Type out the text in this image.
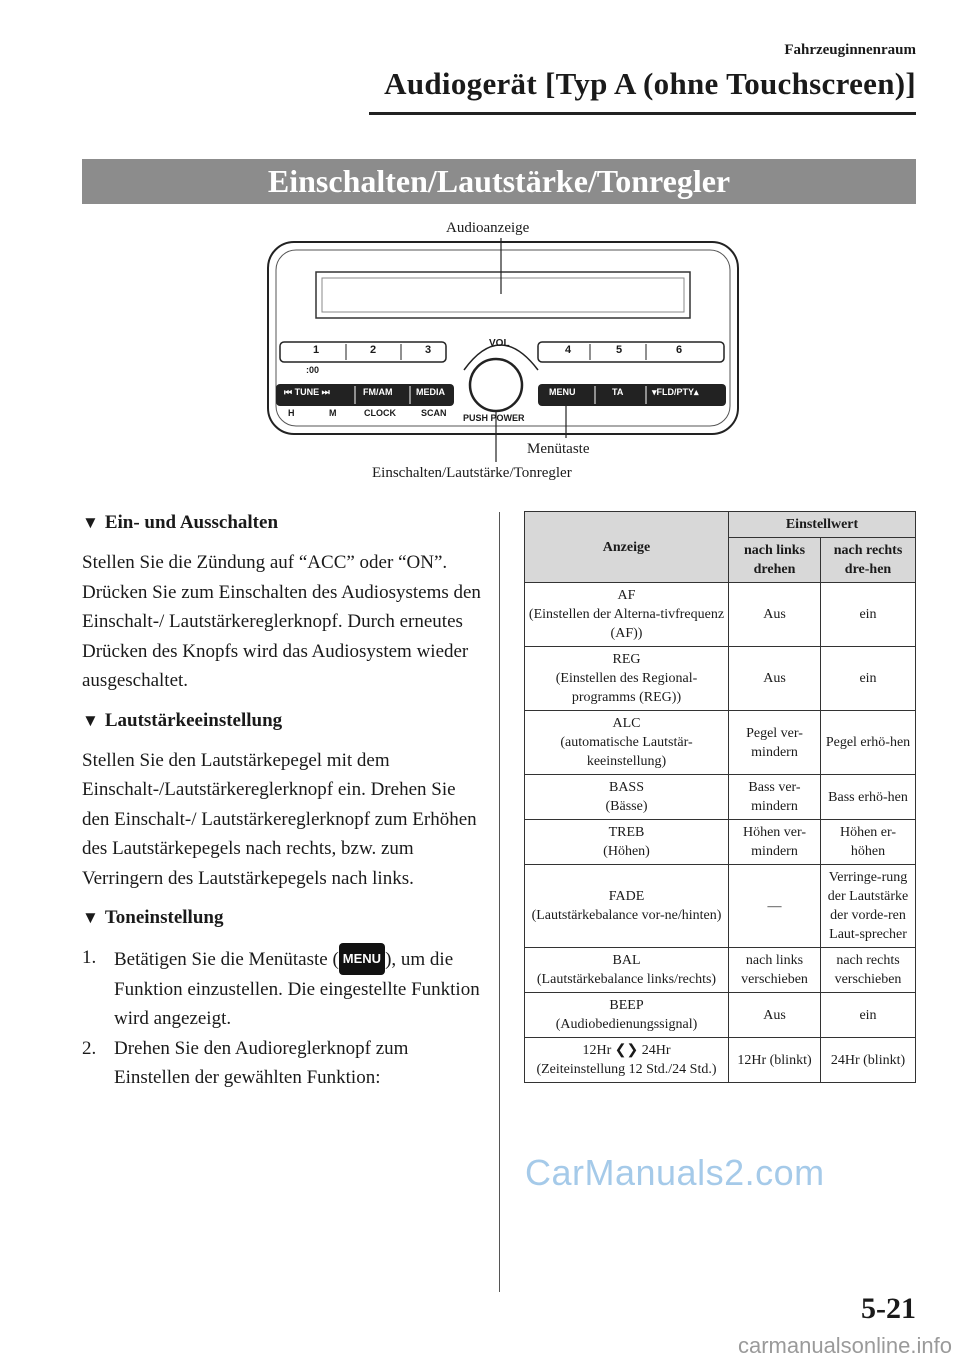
Fahrzeuginnenraum
Audiogerät [Typ A (ohne Touchscreen)]
Einschalten/Lautstärke/Tonregler
Audioanzeige
Menütaste
Einschalten/Lautstärke/Tonregler
1	2	3	4	5	6
:00
VOL
PUSH POWER
⏮ TUNE ⏭	FM/AM	MEDIA	MENU	TA	▾FLD/PTY▴
H	M	CLOCK	SCAN
▼ Ein- und Ausschalten

Stellen Sie die Zündung auf “ACC” oder “ON”. Drücken Sie zum Einschalten des Audiosystems den Einschalt-/ Lautstärkereglerknopf. Durch erneutes Drücken des Knopfs wird das Audiosystem wieder ausgeschaltet.

▼ Lautstärkeeinstellung

Stellen Sie den Lautstärkepegel mit dem Einschalt-/Lautstärkereglerknopf ein. Drehen Sie den Einschalt-/ Lautstärkereglerknopf zum Erhöhen des Lautstärkepegels nach rechts, bzw. zum Verringern des Lautstärkepegels nach links.

▼ Toneinstellung
1. Betätigen Sie die Menütaste ( MENU ), um die Funktion einzustellen. Die eingestellte Funktion wird angezeigt.
2. Drehen Sie den Audioreglerknopf zum Einstellen der gewählten Funktion:
Anzeige	Einstellwert	
	nach links drehen	nach rechts dre-hen
AF
(Einstellen der Alterna-tivfrequenz (AF))	Aus	ein
REG
(Einstellen des Regional-programms (REG))	Aus	ein
ALC
(automatische Lautstär-keeinstellung)	Pegel ver-mindern	Pegel erhö-hen
BASS
(Bässe)	Bass ver-mindern	Bass erhö-hen
TREB
(Höhen)	Höhen ver-mindern	Höhen er-höhen
FADE
(Lautstärkebalance vor-ne/hinten)	—	Verringe-rung der Lautstärke der vorde-ren Laut-sprecher
BAL
(Lautstärkebalance links/rechts)	nach links verschieben	nach rechts verschieben
BEEP
(Audiobedienungssignal)	Aus	ein
12Hr ❮❯ 24Hr
(Zeiteinstellung 12 Std./24 Std.)	12Hr (blinkt)	24Hr (blinkt)
CarManuals2.com
5-21
carmanualsonline.info
